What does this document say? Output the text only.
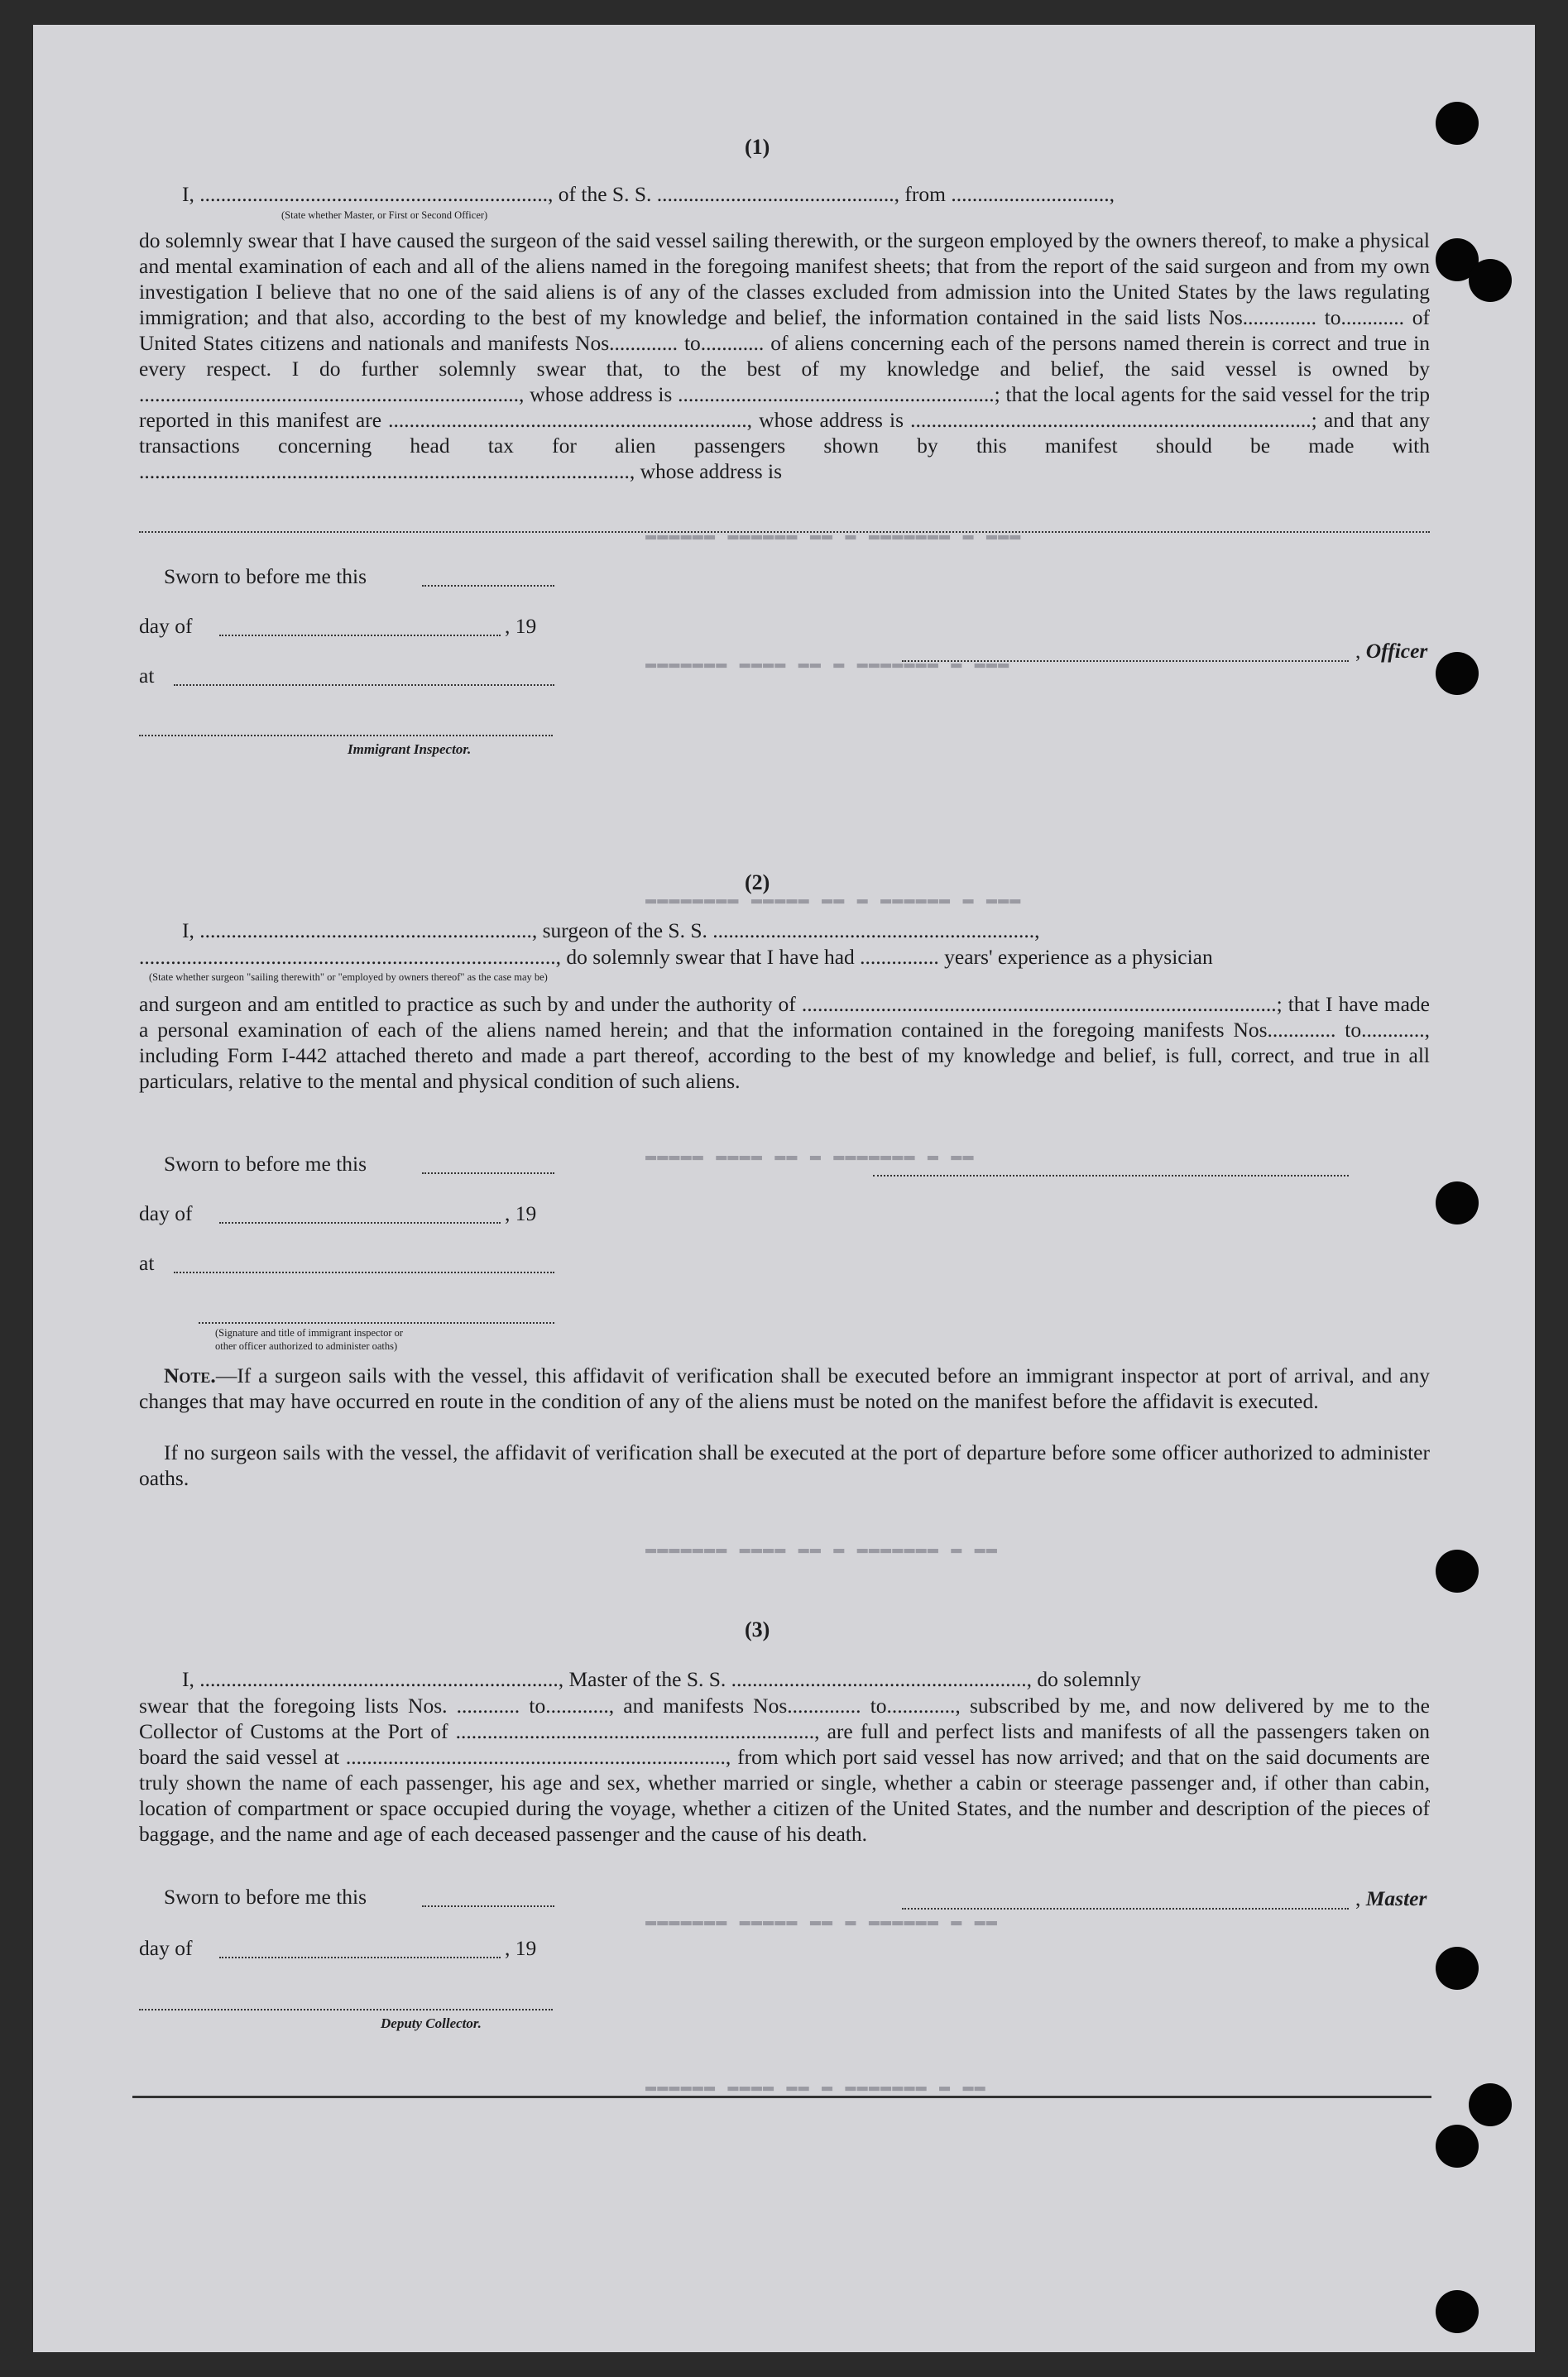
▬▬▬▬▬▬ ▬▬▬▬▬▬ ▬▬ ▬ ▬▬▬▬▬▬▬ ▬ ▬▬▬
▬▬▬▬▬▬▬ ▬▬▬▬ ▬▬ ▬ ▬▬▬▬▬▬▬ ▬ ▬▬▬
▬▬▬▬▬▬▬▬ ▬▬▬▬▬ ▬▬ ▬ ▬▬▬▬▬▬ ▬ ▬▬▬
▬▬▬▬▬ ▬▬▬▬ ▬▬ ▬ ▬▬▬▬▬▬▬ ▬ ▬▬
▬▬▬▬▬▬▬ ▬▬▬▬ ▬▬ ▬ ▬▬▬▬▬▬▬ ▬ ▬▬
▬▬▬▬▬▬▬ ▬▬▬▬▬ ▬▬ ▬ ▬▬▬▬▬▬ ▬ ▬▬
▬▬▬▬▬▬ ▬▬▬▬ ▬▬ ▬ ▬▬▬▬▬▬▬ ▬ ▬▬
(1)
I, .................................................................., of the S. S. ............................................., from ..............................,
(State whether Master, or First or Second Officer)
do solemnly swear that I have caused the surgeon of the said vessel sailing therewith, or the surgeon employed by the owners thereof, to make a physical and mental examination of each and all of the aliens named in the foregoing manifest sheets; that from the report of the said surgeon and from my own investigation I believe that no one of the said aliens is of any of the classes excluded from admission into the United States by the laws regulating immigration; and that also, according to the best of my knowledge and belief, the information contained in the said lists Nos.............. to............ of United States citizens and nationals and manifests Nos............. to............ of aliens concerning each of the persons named therein is correct and true in every respect. I do further solemnly swear that, to the best of my knowledge and belief, the said vessel is owned by ........................................................................, whose address is ............................................................; that the local agents for the said vessel for the trip reported in this manifest are ...................................................................., whose address is ............................................................................; and that any transactions concerning head tax for alien passengers shown by this manifest should be made with ............................................................................................., whose address is
Sworn to before me this
day of	, 19
, Officer
at
Immigrant Inspector.
(2)
I, ..............................................................., surgeon of the S. S. .............................................................,
..............................................................................., do solemnly swear that I have had ............... years' experience as a physician
(State whether surgeon "sailing therewith" or "employed by owners thereof" as the case may be)
and surgeon and am entitled to practice as such by and under the authority of ..........................................................................................; that I have made a personal examination of each of the aliens named herein; and that the information contained in the foregoing manifests Nos............. to............, including Form I-442 attached thereto and made a part thereof, according to the best of my knowledge and belief, is full, correct, and true in all particulars, relative to the mental and physical condition of such aliens.
Sworn to before me this
day of	, 19
at
(Signature and title of immigrant inspector or
other officer authorized to administer oaths)
Note.—If a surgeon sails with the vessel, this affidavit of verification shall be executed before an immigrant inspector at port of arrival, and any changes that may have occurred en route in the condition of any of the aliens must be noted on the manifest before the affidavit is executed.
If no surgeon sails with the vessel, the affidavit of verification shall be executed at the port of departure before some officer authorized to administer oaths.
(3)
I, ...................................................................., Master of the S. S. ........................................................, do solemnly
swear that the foregoing lists Nos. ............ to............, and manifests Nos.............. to............., subscribed by me, and now delivered by me to the Collector of Customs at the Port of ...................................................................., are full and perfect lists and manifests of all the passengers taken on board the said vessel at ........................................................................, from which port said vessel has now arrived; and that on the said documents are truly shown the name of each passenger, his age and sex, whether married or single, whether a cabin or steerage passenger and, if other than cabin, location of compartment or space occupied during the voyage, whether a citizen of the United States, and the number and description of the pieces of baggage, and the name and age of each deceased passenger and the cause of his death.
Sworn to before me this	, Master
day of	, 19
Deputy Collector.
